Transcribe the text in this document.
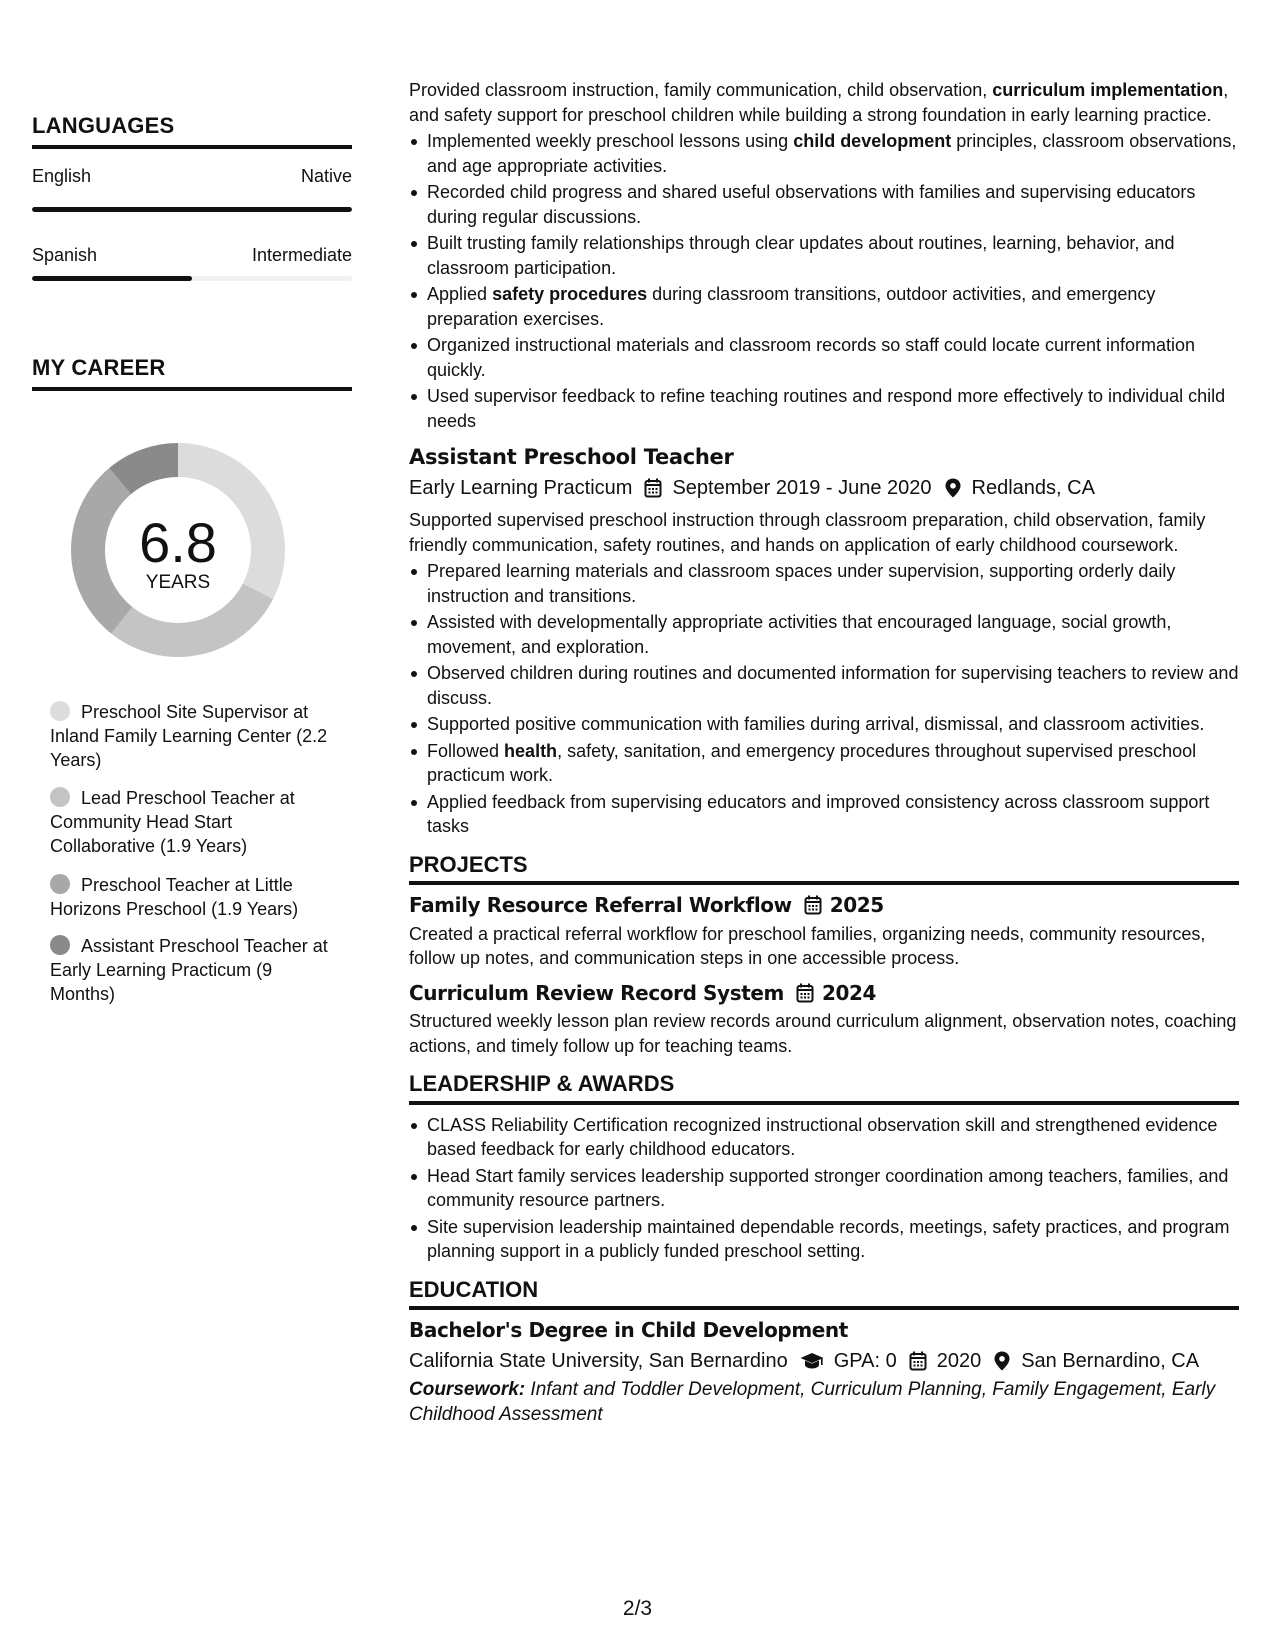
LANGUAGES
English	Native
Spanish	Intermediate
MY CAREER
6.8
YEARS
Preschool Site Supervisor at Inland Family Learning Center (2.2 Years)
Lead Preschool Teacher at Community Head Start Collaborative (1.9 Years)
Preschool Teacher at Little Horizons Preschool (1.9 Years)
Assistant Preschool Teacher at Early Learning Practicum (9 Months)
Provided classroom instruction, family communication, child observation, curriculum implementation, and safety support for preschool children while building a strong foundation in early learning practice.
Implemented weekly preschool lessons using child development principles, classroom observations, and age appropriate activities.
Recorded child progress and shared useful observations with families and supervising educators during regular discussions.
Built trusting family relationships through clear updates about routines, learning, behavior, and classroom participation.
Applied safety procedures during classroom transitions, outdoor activities, and emergency preparation exercises.
Organized instructional materials and classroom records so staff could locate current information quickly.
Used supervisor feedback to refine teaching routines and respond more effectively to individual child needs
Assistant Preschool Teacher
Early Learning Practicum September 2019 - June 2020 Redlands, CA
Supported supervised preschool instruction through classroom preparation, child observation, family friendly communication, safety routines, and hands on application of early childhood coursework.
Prepared learning materials and classroom spaces under supervision, supporting orderly daily instruction and transitions.
Assisted with developmentally appropriate activities that encouraged language, social growth, movement, and exploration.
Observed children during routines and documented information for supervising teachers to review and discuss.
Supported positive communication with families during arrival, dismissal, and classroom activities.
Followed health, safety, sanitation, and emergency procedures throughout supervised preschool practicum work.
Applied feedback from supervising educators and improved consistency across classroom support tasks
PROJECTS
Family Resource Referral Workflow 2025
Created a practical referral workflow for preschool families, organizing needs, community resources, follow up notes, and communication steps in one accessible process.
Curriculum Review Record System 2024
Structured weekly lesson plan review records around curriculum alignment, observation notes, coaching actions, and timely follow up for teaching teams.
LEADERSHIP & AWARDS
CLASS Reliability Certification recognized instructional observation skill and strengthened evidence based feedback for early childhood educators.
Head Start family services leadership supported stronger coordination among teachers, families, and community resource partners.
Site supervision leadership maintained dependable records, meetings, safety practices, and program planning support in a publicly funded preschool setting.
EDUCATION
Bachelor's Degree in Child Development
California State University, San Bernardino GPA: 0 2020 San Bernardino, CA
Coursework: Infant and Toddler Development, Curriculum Planning, Family Engagement, Early Childhood Assessment
2/3
